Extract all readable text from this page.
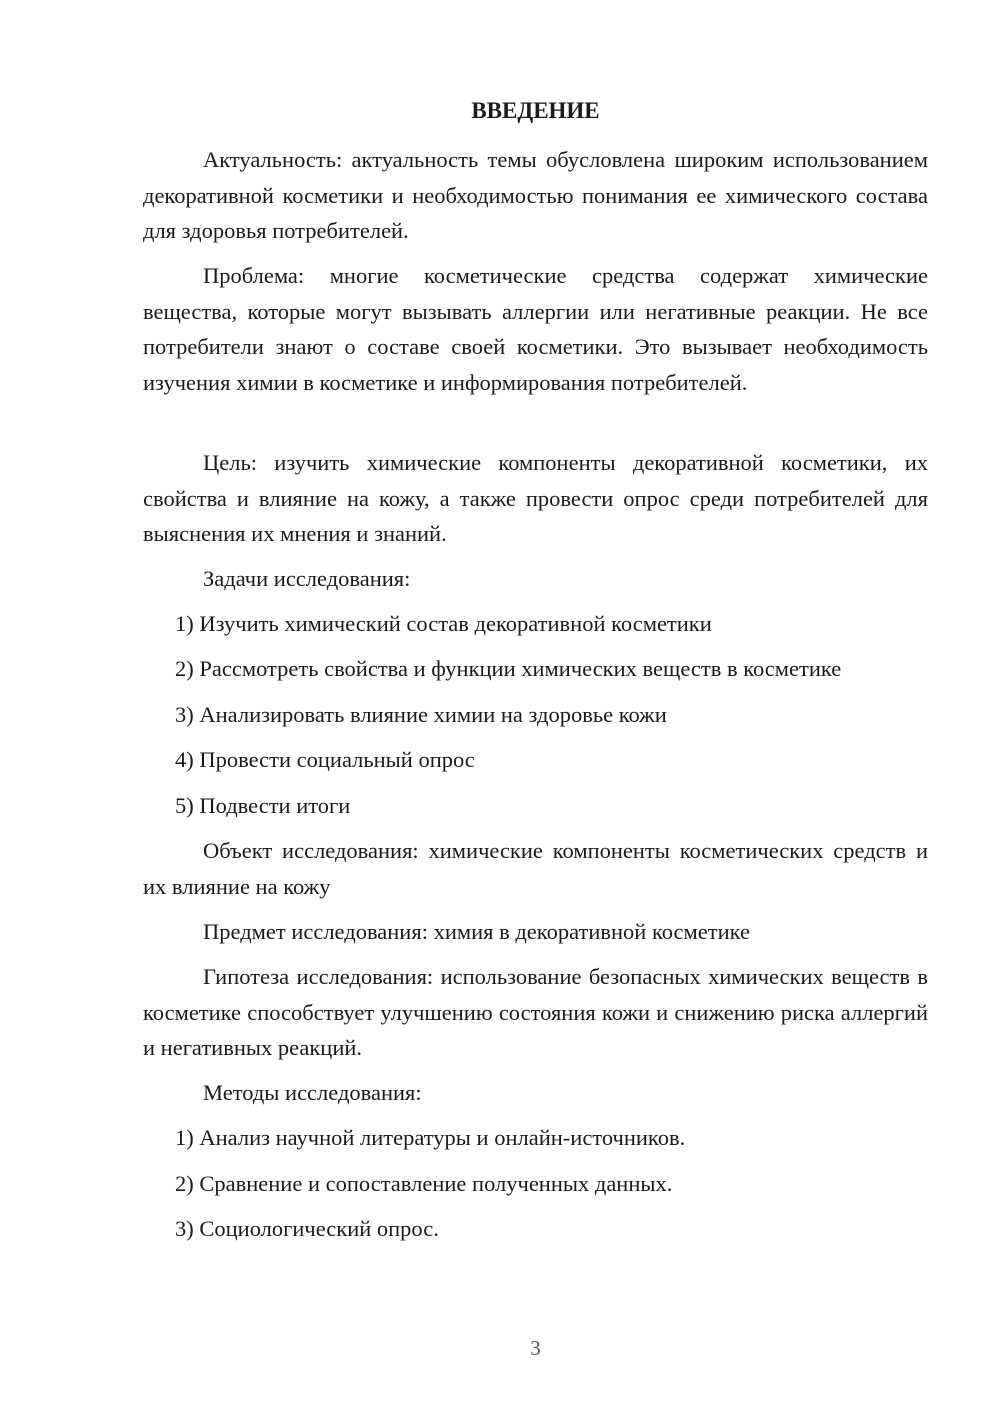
ВВЕДЕНИЕ

Актуальность: актуальность темы обусловлена широким использованием декоративной косметики и необходимостью понимания ее химического состава для здоровья потребителей.

Проблема: многие косметические средства содержат химические вещества, которые могут вызывать аллергии или негативные реакции. Не все потребители знают о составе своей косметики. Это вызывает необходимость изучения химии в косметике и информирования потребителей.

Цель: изучить химические компоненты декоративной косметики, их свойства и влияние на кожу, а также провести опрос среди потребителей для выяснения их мнения и знаний.

Задачи исследования:

1) Изучить химический состав декоративной косметики

2) Рассмотреть свойства и функции химических веществ в косметике

3) Анализировать влияние химии на здоровье кожи

4) Провести социальный опрос

5) Подвести итоги

Объект исследования: химические компоненты косметических средств и их влияние на кожу

Предмет исследования: химия в декоративной косметике

Гипотеза исследования: использование безопасных химических веществ в косметике способствует улучшению состояния кожи и снижению риска аллергий и негативных реакций.

Методы исследования:

1) Анализ научной литературы и онлайн-источников.

2) Сравнение и сопоставление полученных данных.

3) Социологический опрос.

3
